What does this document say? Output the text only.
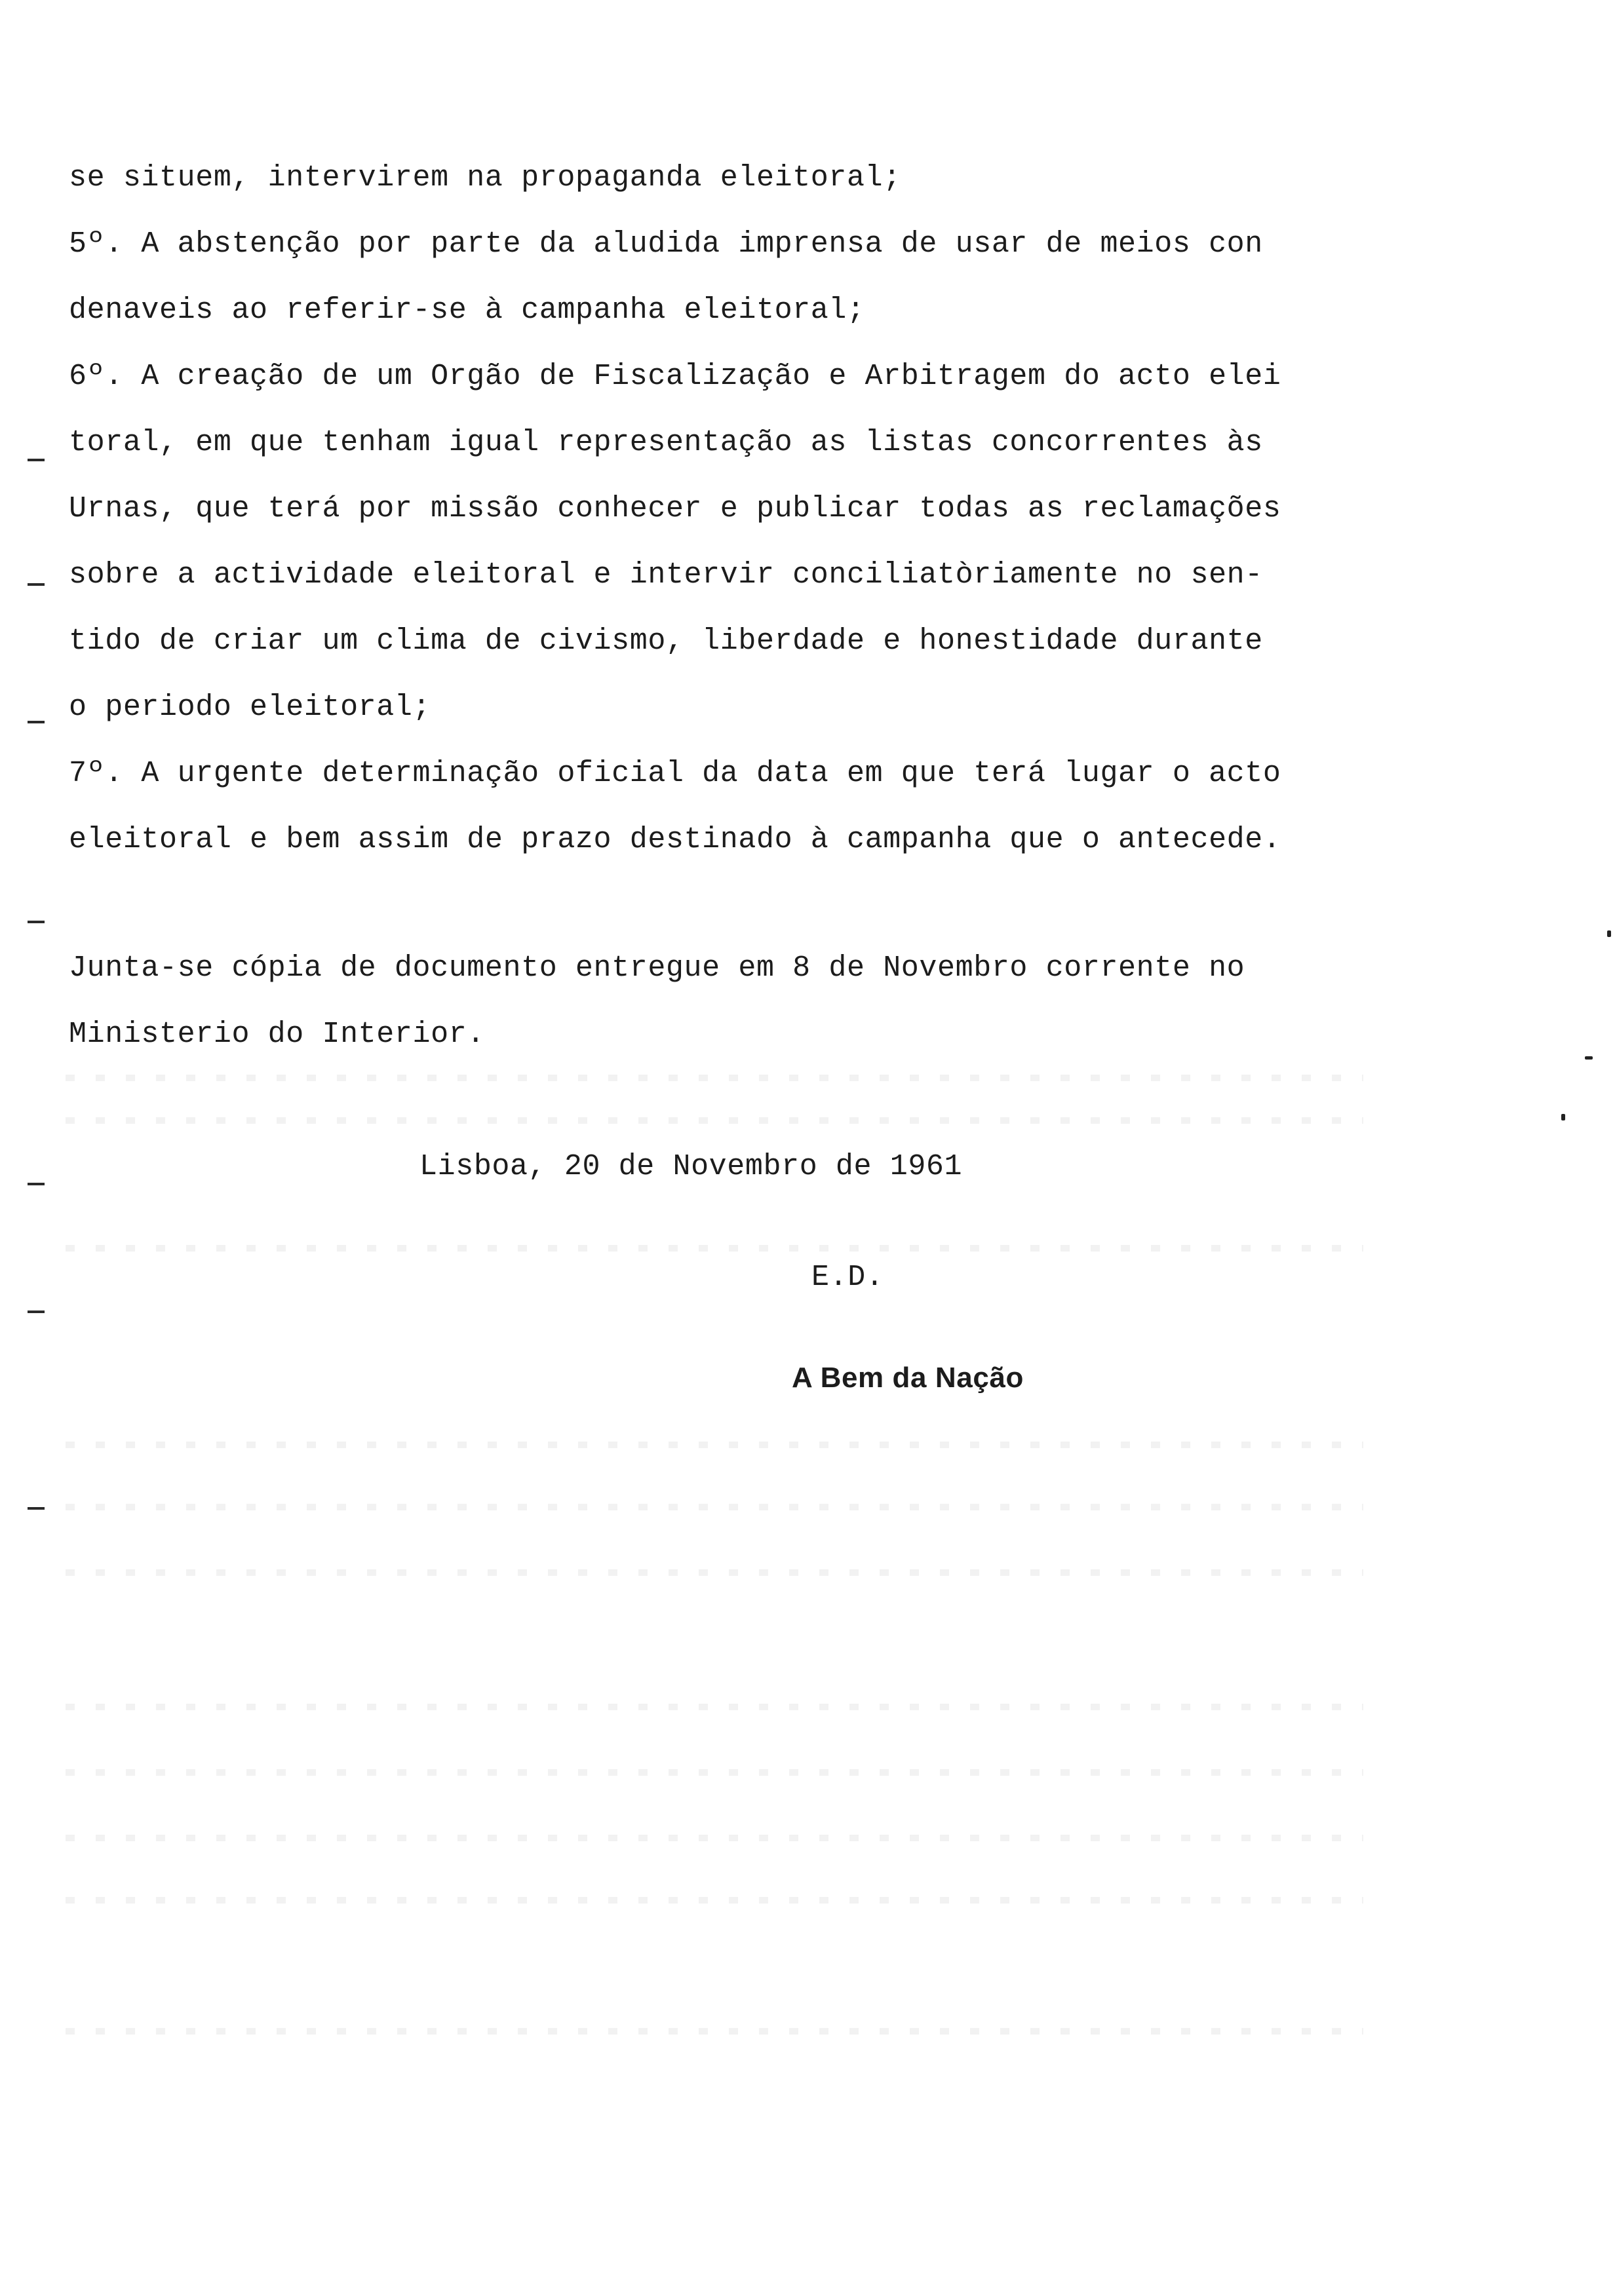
se situem, intervirem na propaganda eleitoral;
5º. A abstenção por parte da aludida imprensa de usar de meios con
denaveis ao referir-se à campanha eleitoral;
6º. A creação de um Orgão de Fiscalização e Arbitragem do acto elei
toral, em que tenham igual representação as listas concorrentes às
Urnas, que terá por missão conhecer e publicar todas as reclamações
sobre a actividade eleitoral e intervir conciliatòriamente no sen-
tido de criar um clima de civismo, liberdade e honestidade durante
o periodo eleitoral;
7º. A urgente determinação oficial da data em que terá lugar o acto
eleitoral e bem assim de prazo destinado à campanha que o antecede.
Junta-se cópia de documento entregue em 8 de Novembro corrente no
Ministerio do Interior.
Lisboa, 20 de Novembro de 1961
E.D.
A Bem da Nação
